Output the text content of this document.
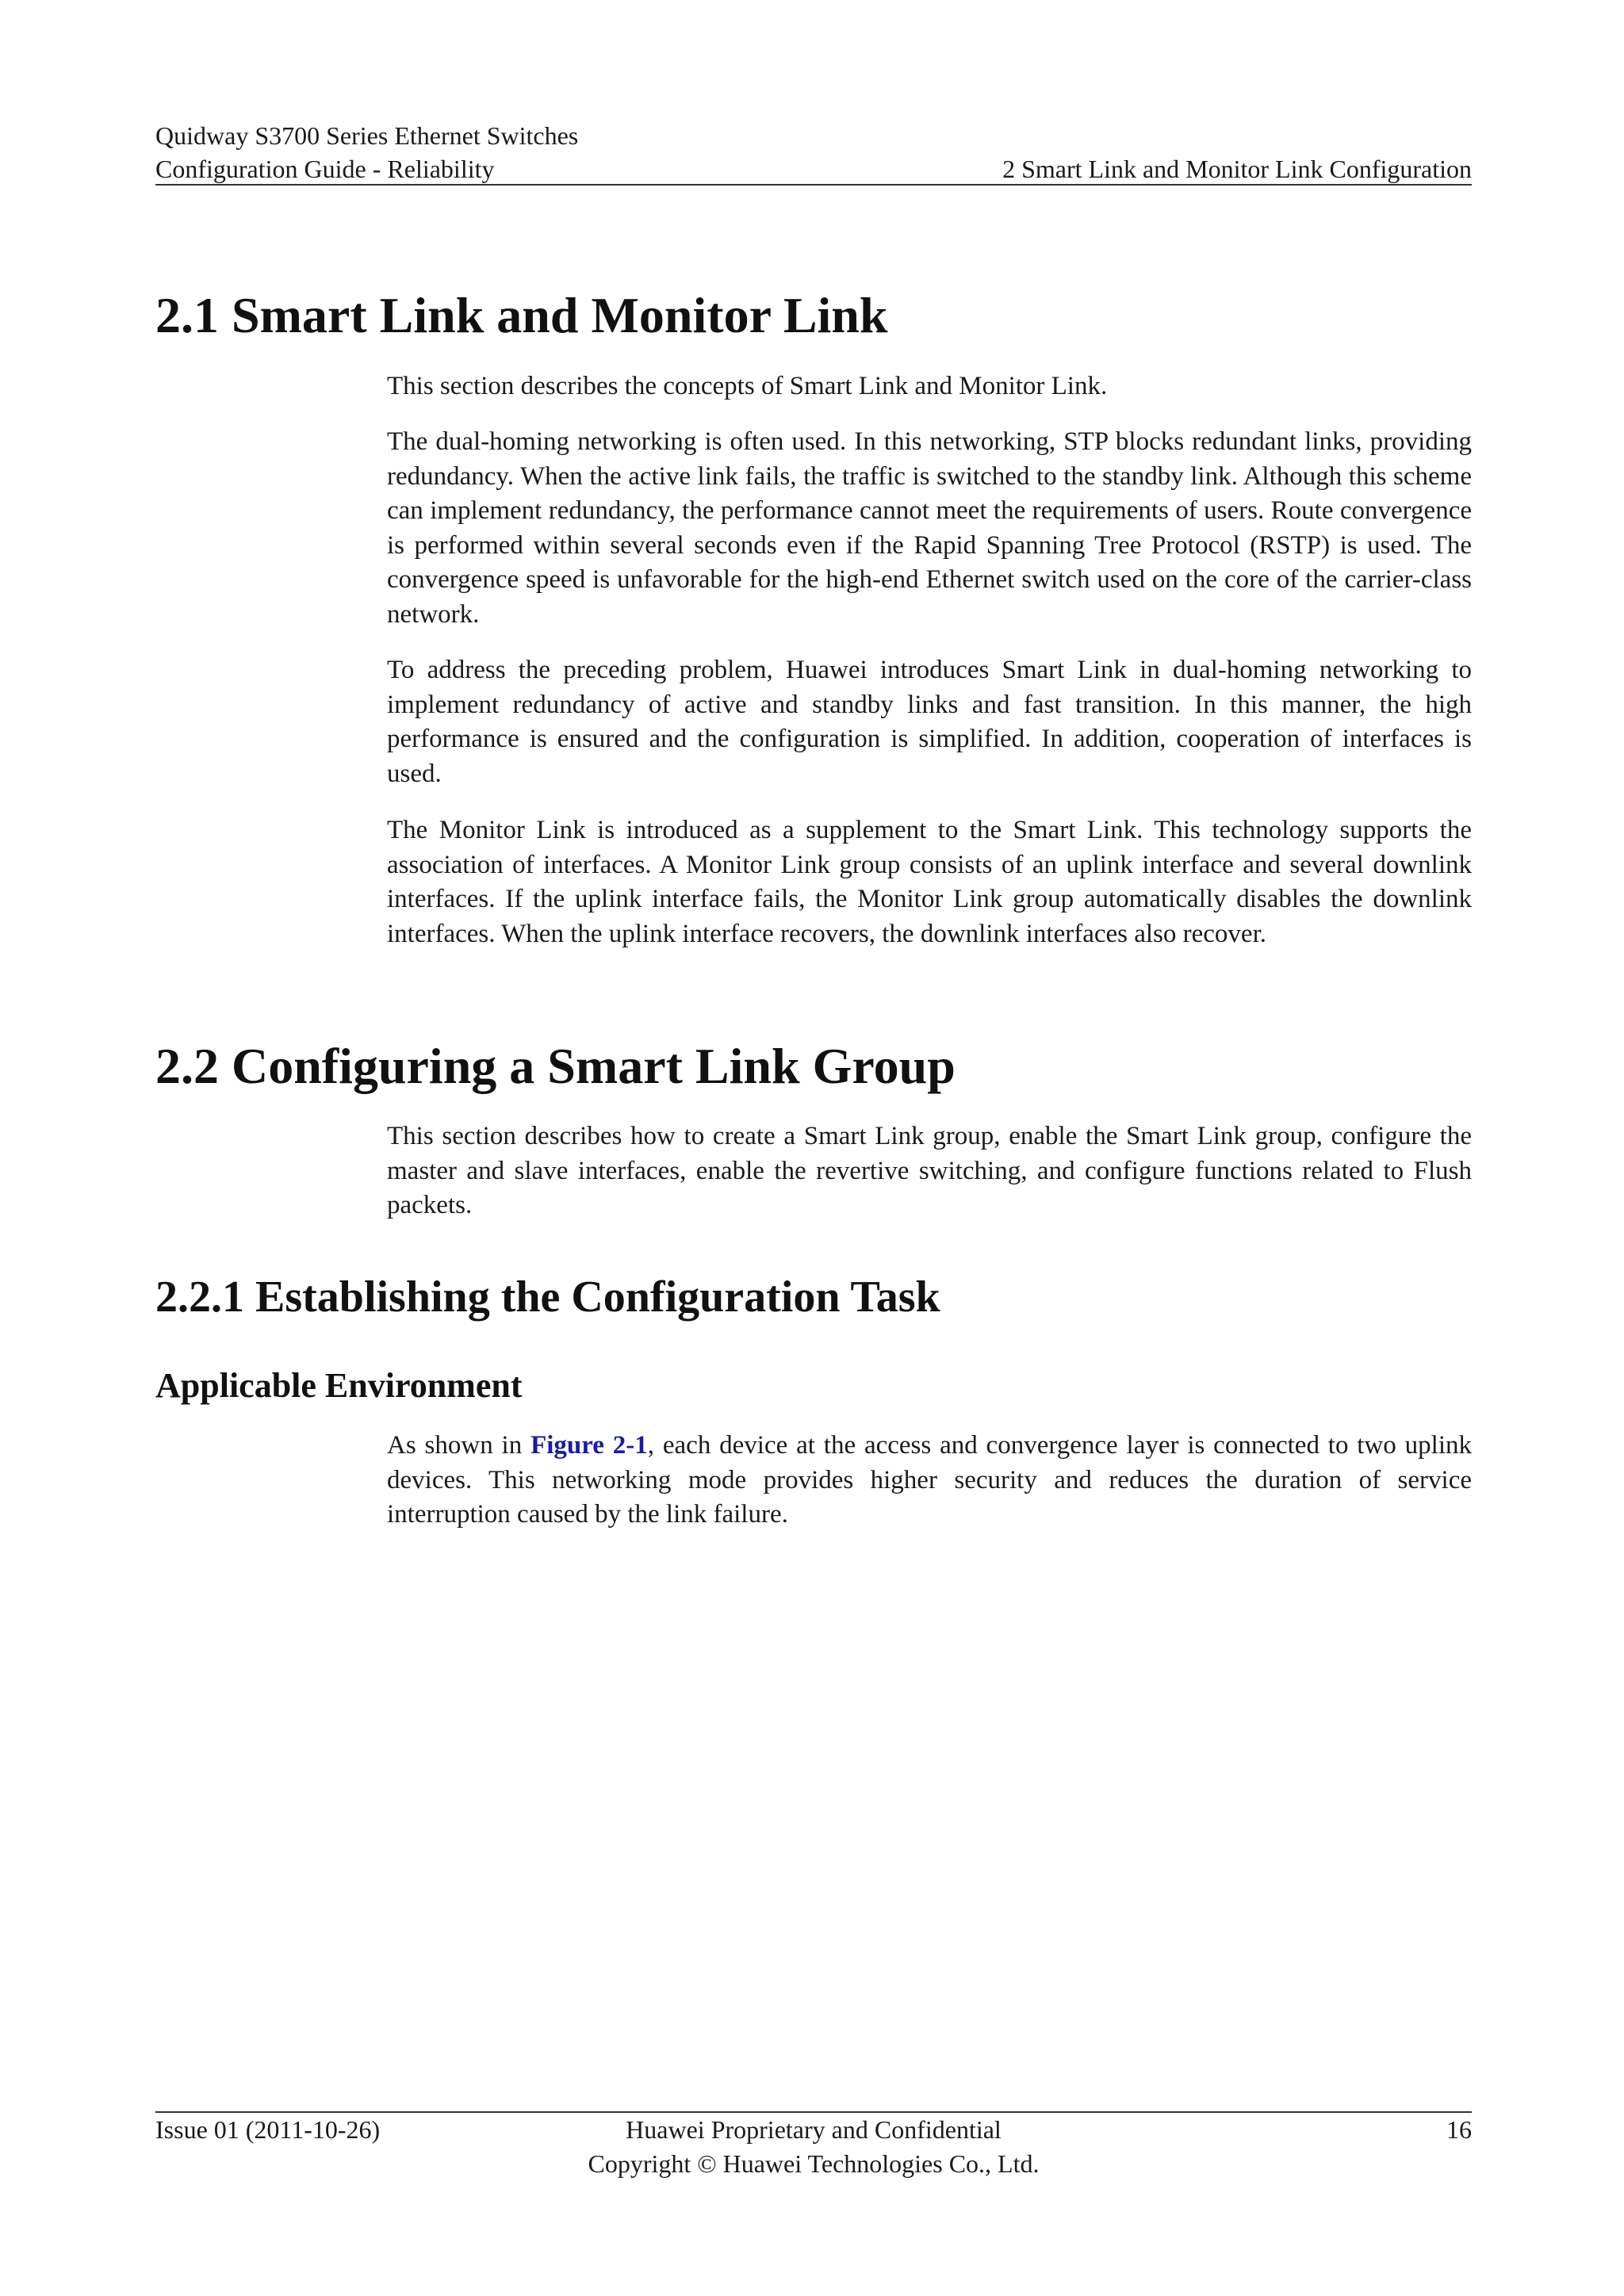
Quidway S3700 Series Ethernet Switches
Configuration Guide - Reliability	2 Smart Link and Monitor Link Configuration
2.1 Smart Link and Monitor Link
This section describes the concepts of Smart Link and Monitor Link.
The dual-homing networking is often used. In this networking, STP blocks redundant links, providing redundancy. When the active link fails, the traffic is switched to the standby link. Although this scheme can implement redundancy, the performance cannot meet the requirements of users. Route convergence is performed within several seconds even if the Rapid Spanning Tree Protocol (RSTP) is used. The convergence speed is unfavorable for the high-end Ethernet switch used on the core of the carrier-class network.
To address the preceding problem, Huawei introduces Smart Link in dual-homing networking to implement redundancy of active and standby links and fast transition. In this manner, the high performance is ensured and the configuration is simplified. In addition, cooperation of interfaces is used.
The Monitor Link is introduced as a supplement to the Smart Link. This technology supports the association of interfaces. A Monitor Link group consists of an uplink interface and several downlink interfaces. If the uplink interface fails, the Monitor Link group automatically disables the downlink interfaces. When the uplink interface recovers, the downlink interfaces also recover.
2.2 Configuring a Smart Link Group
This section describes how to create a Smart Link group, enable the Smart Link group, configure the master and slave interfaces, enable the revertive switching, and configure functions related to Flush packets.
2.2.1 Establishing the Configuration Task
Applicable Environment
As shown in Figure 2-1, each device at the access and convergence layer is connected to two uplink devices. This networking mode provides higher security and reduces the duration of service interruption caused by the link failure.
Issue 01 (2011-10-26)	Huawei Proprietary and Confidential
Copyright © Huawei Technologies Co., Ltd.
16
